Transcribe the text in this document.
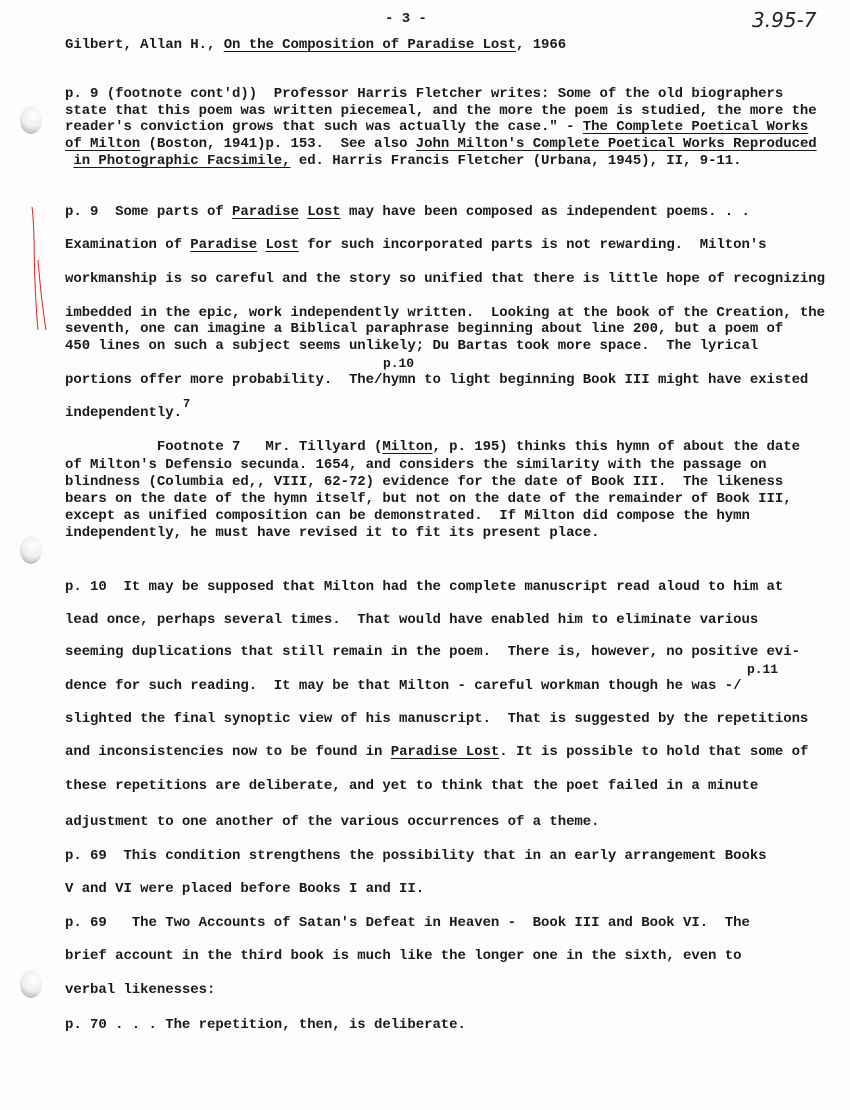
- 3 -	3.95-7
Gilbert, Allan H., On the Composition of Paradise Lost, 1966
p.10
p.11
7
p. 9 (footnote cont'd))  Professor Harris Fletcher writes: Some of the old biographers
state that this poem was written piecemeal, and the more the poem is studied, the more the
reader's conviction grows that such was actually the case." - The Complete Poetical Works
of Milton (Boston, 1941)p. 153.  See also John Milton's Complete Poetical Works Reproduced
in Photographic Facsimile, ed. Harris Francis Fletcher (Urbana, 1945), II, 9-11.
p. 9  Some parts of Paradise Lost may have been composed as independent poems. . .
Examination of Paradise Lost for such incorporated parts is not rewarding.  Milton's
workmanship is so careful and the story so unified that there is little hope of recognizing
imbedded in the epic, work independently written.  Looking at the book of the Creation, the
seventh, one can imagine a Biblical paraphrase beginning about line 200, but a poem of
450 lines on such a subject seems unlikely; Du Bartas took more space.  The lyrical
portions offer more probability.  The/hymn to light beginning Book III might have existed
independently.
Footnote 7   Mr. Tillyard (Milton, p. 195) thinks this hymn of about the date
of Milton's Defensio secunda. 1654, and considers the similarity with the passage on
blindness (Columbia ed,, VIII, 62-72) evidence for the date of Book III.  The likeness
bears on the date of the hymn itself, but not on the date of the remainder of Book III,
except as unified composition can be demonstrated.  If Milton did compose the hymn
independently, he must have revised it to fit its present place.
p. 10  It may be supposed that Milton had the complete manuscript read aloud to him at
lead once, perhaps several times.  That would have enabled him to eliminate various
seeming duplications that still remain in the poem.  There is, however, no positive evi-
dence for such reading.  It may be that Milton - careful workman though he was -/
slighted the final synoptic view of his manuscript.  That is suggested by the repetitions
and inconsistencies now to be found in Paradise Lost. It is possible to hold that some of
these repetitions are deliberate, and yet to think that the poet failed in a minute
adjustment to one another of the various occurrences of a theme.
p. 69  This condition strengthens the possibility that in an early arrangement Books
V and VI were placed before Books I and II.
p. 69   The Two Accounts of Satan's Defeat in Heaven -  Book III and Book VI.  The
brief account in the third book is much like the longer one in the sixth, even to
verbal likenesses:
p. 70 . . . The repetition, then, is deliberate.
